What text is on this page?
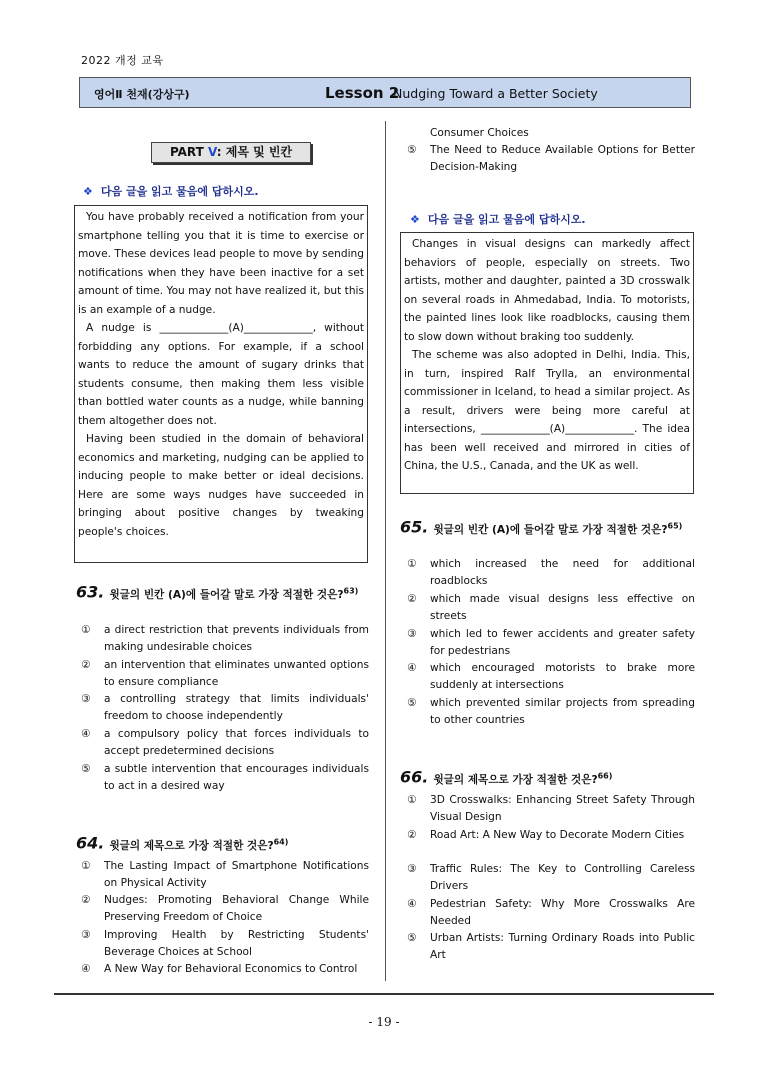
2022 개정 교육
영어Ⅱ 천재(강상구)	Lesson 2
Nudging Toward a Better Society
PART V: 제목 및 빈칸
❖ 다음 글을 읽고 물음에 답하시오.

You have probably received a notification from your smartphone telling you that it is time to exercise or move. These devices lead people to move by sending notifications when they have been inactive for a set amount of time. You may not have realized it, but this is an example of a nudge.

A nudge is _____________(A)_____________, without forbidding any options. For example, if a school wants to reduce the amount of sugary drinks that students consume, then making them less visible than bottled water counts as a nudge, while banning them altogether does not.

Having been studied in the domain of behavioral economics and marketing, nudging can be applied to inducing people to make better or ideal decisions. Here are some ways nudges have succeeded in bringing about positive changes by tweaking people's choices.

63. 윗글의 빈칸 (A)에 들어갈 말로 가장 적절한 것은?$^{63)}$
① a direct restriction that prevents individuals from making undesirable choices
② an intervention that eliminates unwanted options to ensure compliance
③ a controlling strategy that limits individuals' freedom to choose independently
④ a compulsory policy that forces individuals to accept predetermined decisions
⑤ a subtle intervention that encourages individuals to act in a desired way
64. 윗글의 제목으로 가장 적절한 것은?$^{64)}$
① The Lasting Impact of Smartphone Notifications on Physical Activity
② Nudges: Promoting Behavioral Change While Preserving Freedom of Choice
③ Improving Health by Restricting Students' Beverage Choices at School
④ A New Way for Behavioral Economics to Control
Consumer Choices
⑤ The Need to Reduce Available Options for Better Decision-Making
❖ 다음 글을 읽고 물음에 답하시오.

Changes in visual designs can markedly affect behaviors of people, especially on streets. Two artists, mother and daughter, painted a 3D crosswalk on several roads in Ahmedabad, India. To motorists, the painted lines look like roadblocks, causing them to slow down without braking too suddenly.

The scheme was also adopted in Delhi, India. This, in turn, inspired Ralf Trylla, an environmental commissioner in Iceland, to head a similar project. As a result, drivers were being more careful at intersections, _____________(A)_____________. The idea has been well received and mirrored in cities of China, the U.S., Canada, and the UK as well.

65. 윗글의 빈칸 (A)에 들어갈 말로 가장 적절한 것은?$^{65)}$
① which increased the need for additional roadblocks
② which made visual designs less effective on streets
③ which led to fewer accidents and greater safety for pedestrians
④ which encouraged motorists to brake more suddenly at intersections
⑤ which prevented similar projects from spreading to other countries
66. 윗글의 제목으로 가장 적절한 것은?$^{66)}$
① 3D Crosswalks: Enhancing Street Safety Through Visual Design
② Road Art: A New Way to Decorate Modern Cities
③ Traffic Rules: The Key to Controlling Careless Drivers
④ Pedestrian Safety: Why More Crosswalks Are Needed
⑤ Urban Artists: Turning Ordinary Roads into Public Art
- 19 -
